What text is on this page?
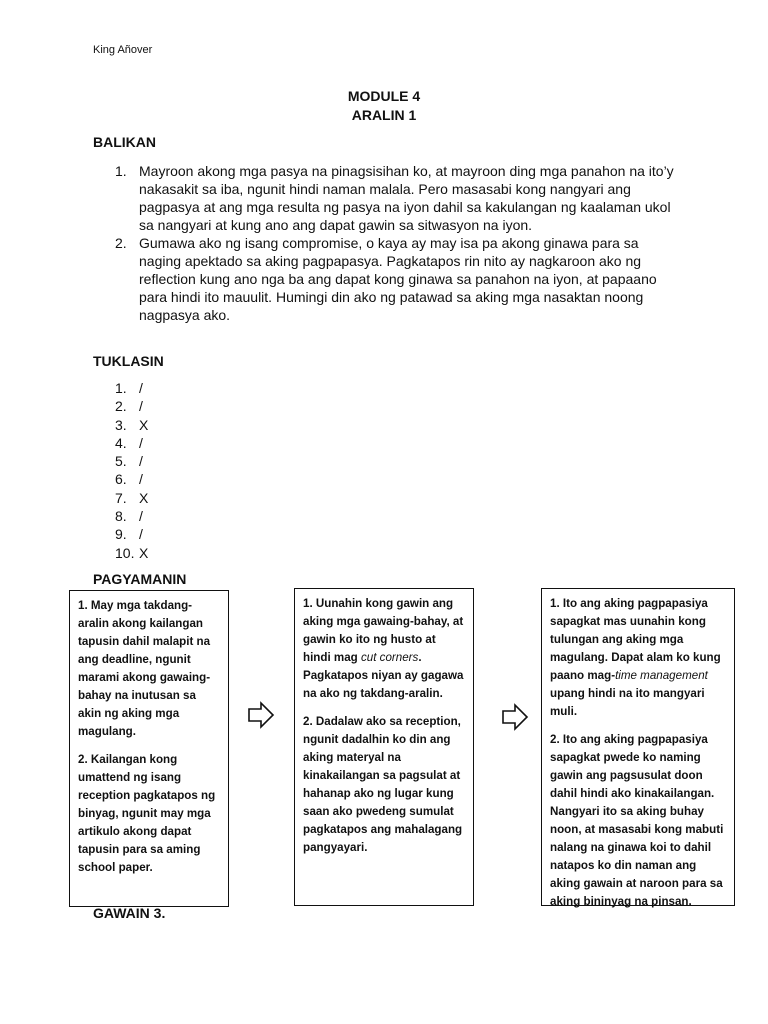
King Añover
MODULE 4
ARALIN 1
BALIKAN
1. Mayroon akong mga pasya na pinagsisihan ko, at mayroon ding mga panahon na ito’y nakasakit sa iba, ngunit hindi naman malala. Pero masasabi kong nangyari ang pagpasya at ang mga resulta ng pasya na iyon dahil sa kakulangan ng kaalaman ukol sa nangyari at kung ano ang dapat gawin sa sitwasyon na iyon.
2. Gumawa ako ng isang compromise, o kaya ay may isa pa akong ginawa para sa naging apektado sa aking pagpapasya. Pagkatapos rin nito ay nagkaroon ako ng reflection kung ano nga ba ang dapat kong ginawa sa panahon na iyon, at papaano para hindi ito mauulit. Humingi din ako ng patawad sa aking mga nasaktan noong nagpasya ako.
TUKLASIN
1. /
2. /
3. X
4. /
5. /
6. /
7. X
8. /
9. /
10. X
PAGYAMANIN

1. May mga takdang-aralin akong kailangan tapusin dahil malapit na ang deadline, ngunit marami akong gawaing-bahay na inutusan sa akin ng aking mga magulang.

2. Kailangan kong umattend ng isang reception pagkatapos ng binyag, ngunit may mga artikulo akong dapat tapusin para sa aming school paper.

1. Uunahin kong gawin ang aking mga gawaing-bahay, at gawin ko ito ng husto at hindi mag cut corners. Pagkatapos niyan ay gagawa na ako ng takdang-aralin.

2. Dadalaw ako sa reception, ngunit dadalhin ko din ang aking materyal na kinakailangan sa pagsulat at hahanap ako ng lugar kung saan ako pwedeng sumulat pagkatapos ang mahalagang pangyayari.

1. Ito ang aking pagpapasiya sapagkat mas uunahin kong tulungan ang aking mga magulang. Dapat alam ko kung paano mag-time management upang hindi na ito mangyari muli.

2. Ito ang aking pagpapasiya sapagkat pwede ko naming gawin ang pagsusulat doon dahil hindi ako kinakailangan. Nangyari ito sa aking buhay noon, at masasabi kong mabuti nalang na ginawa koi to dahil natapos ko din naman ang aking gawain at naroon para sa aking bininyag na pinsan.

GAWAIN 3.
